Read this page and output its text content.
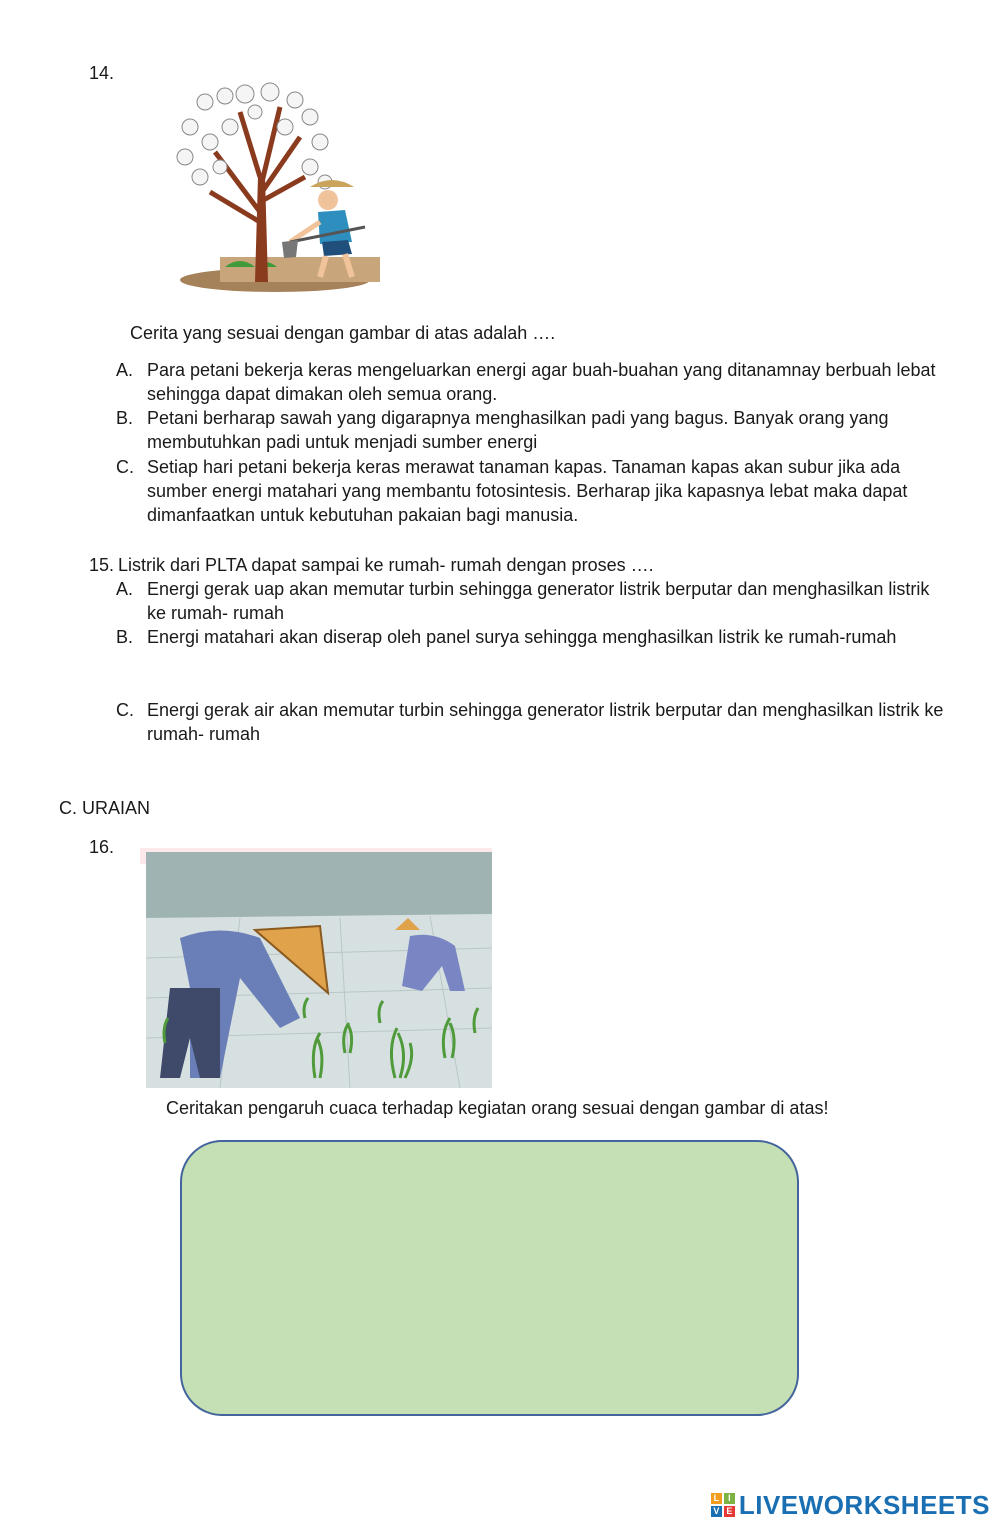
14.
Cerita yang sesuai dengan gambar di atas adalah ….
A. Para petani bekerja keras mengeluarkan energi agar buah-buahan yang ditanamnay berbuah lebat sehingga dapat dimakan oleh semua orang.
B. Petani berharap sawah yang digarapnya menghasilkan padi yang bagus. Banyak orang yang membutuhkan padi untuk menjadi sumber energi
C. Setiap hari petani bekerja keras merawat tanaman kapas. Tanaman kapas akan subur jika ada sumber energi matahari yang membantu fotosintesis. Berharap jika kapasnya lebat maka dapat dimanfaatkan untuk kebutuhan pakaian bagi manusia.
15. Listrik dari PLTA dapat sampai ke rumah- rumah dengan proses ….
A. Energi gerak uap akan memutar turbin sehingga generator listrik berputar dan menghasilkan listrik ke rumah- rumah
B. Energi matahari akan diserap oleh panel surya sehingga menghasilkan listrik ke rumah-rumah
C. Energi gerak air akan memutar turbin sehingga generator listrik berputar dan menghasilkan listrik ke rumah- rumah
C. URAIAN
16.
Ceritakan pengaruh cuaca terhadap kegiatan orang sesuai dengan gambar di atas!
L I
V E LIVEWORKSHEETS
